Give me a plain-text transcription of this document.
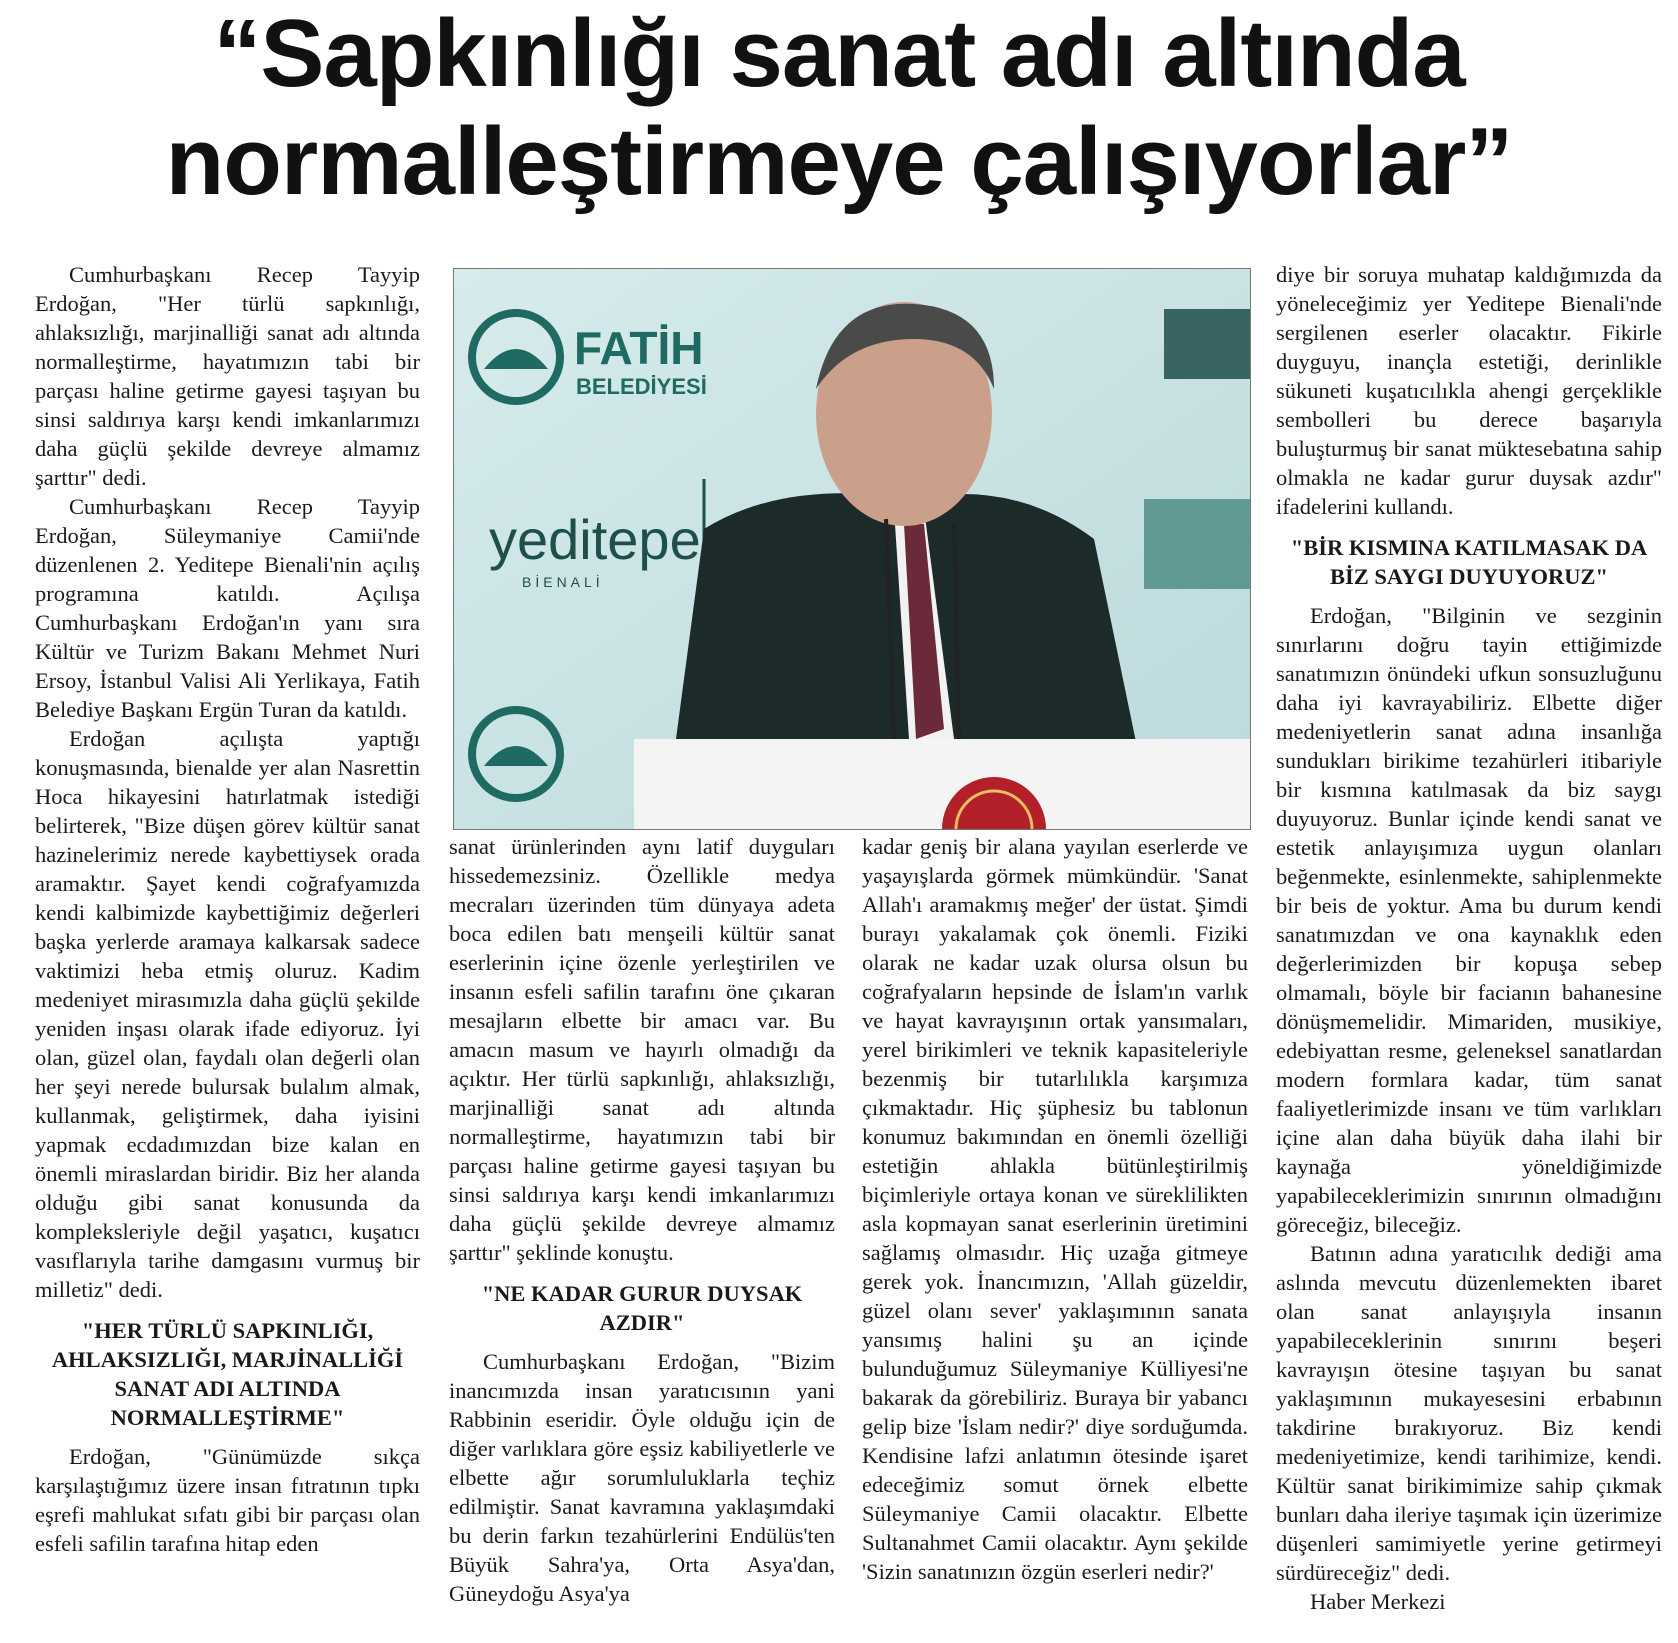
“Sapkınlığı sanat adı altında
normalleştirmeye çalışıyorlar”

Cumhurbaşkanı Recep Tayyip Erdoğan, "Her türlü sapkınlığı, ahlaksızlığı, marjinalliği sanat adı altında normalleştirme, hayatımızın tabi bir parçası haline getirme gayesi taşıyan bu sinsi saldırıya karşı kendi imkanlarımızı daha güçlü şekilde devreye almamız şarttır" dedi.

Cumhurbaşkanı Recep Tayyip Erdoğan, Süleymaniye Camii'nde düzenlenen 2. Yeditepe Bienali'nin açılış programına katıldı. Açılışa Cumhurbaşkanı Erdoğan'ın yanı sıra Kültür ve Turizm Bakanı Mehmet Nuri Ersoy, İstanbul Valisi Ali Yerlikaya, Fatih Belediye Başkanı Ergün Turan da katıldı.

Erdoğan açılışta yaptığı konuşmasında, bienalde yer alan Nasrettin Hoca hikayesini hatırlatmak istediği belirterek, "Bize düşen görev kültür sanat hazinelerimiz nerede kaybettiysek orada aramaktır. Şayet kendi coğrafyamızda kendi kalbimizde kaybettiğimiz değerleri başka yerlerde aramaya kalkarsak sadece vaktimizi heba etmiş oluruz. Kadim medeniyet mirasımızla daha güçlü şekilde yeniden inşası olarak ifade ediyoruz. İyi olan, güzel olan, faydalı olan değerli olan her şeyi nerede bulursak bulalım almak, kullanmak, geliştirmek, daha iyisini yapmak ecdadımızdan bize kalan en önemli miraslardan biridir. Biz her alanda olduğu gibi sanat konusunda da kompleksleriyle değil yaşatıcı, kuşatıcı vasıflarıyla tarihe damgasını vurmuş bir milletiz" dedi.

"HER TÜRLÜ SAPKINLIĞI, AHLAKSIZLIĞI, MARJİNALLİĞİ SANAT ADI ALTINDA NORMALLEŞTİRME"

Erdoğan, "Günümüzde sıkça karşılaştığımız üzere insan fıtratının tıpkı eşrefi mahlukat sıfatı gibi bir parçası olan esfeli safilin tarafına hitap eden

FATİH
BELEDİYESİ
yeditepe
BİENALİ

sanat ürünlerinden aynı latif duyguları hissedemezsiniz. Özellikle medya mecraları üzerinden tüm dünyaya adeta boca edilen batı menşeili kültür sanat eserlerinin içine özenle yerleştirilen ve insanın esfeli safilin tarafını öne çıkaran mesajların elbette bir amacı var. Bu amacın masum ve hayırlı olmadığı da açıktır. Her türlü sapkınlığı, ahlaksızlığı, marjinalliği sanat adı altında normalleştirme, hayatımızın tabi bir parçası haline getirme gayesi taşıyan bu sinsi saldırıya karşı kendi imkanlarımızı daha güçlü şekilde devreye almamız şarttır" şeklinde konuştu.

"NE KADAR GURUR DUYSAK AZDIR"

Cumhurbaşkanı Erdoğan, "Bizim inancımızda insan yaratıcısının yani Rabbinin eseridir. Öyle olduğu için de diğer varlıklara göre eşsiz kabiliyetlerle ve elbette ağır sorumluluklarla teçhiz edilmiştir. Sanat kavramına yaklaşımdaki bu derin farkın tezahürlerini Endülüs'ten Büyük Sahra'ya, Orta Asya'dan, Güneydoğu Asya'ya

kadar geniş bir alana yayılan eserlerde ve yaşayışlarda görmek mümkündür. 'Sanat Allah'ı aramakmış meğer' der üstat. Şimdi burayı yakalamak çok önemli. Fiziki olarak ne kadar uzak olursa olsun bu coğrafyaların hepsinde de İslam'ın varlık ve hayat kavrayışının ortak yansımaları, yerel birikimleri ve teknik kapasiteleriyle bezenmiş bir tutarlılıkla karşımıza çıkmaktadır. Hiç şüphesiz bu tablonun konumuz bakımından en önemli özelliği estetiğin ahlakla bütünleştirilmiş biçimleriyle ortaya konan ve süreklilikten asla kopmayan sanat eserlerinin üretimini sağlamış olmasıdır. Hiç uzağa gitmeye gerek yok. İnancımızın, 'Allah güzeldir, güzel olanı sever' yaklaşımının sanata yansımış halini şu an içinde bulunduğumuz Süleymaniye Külliyesi'ne bakarak da görebiliriz. Buraya bir yabancı gelip bize 'İslam nedir?' diye sorduğumda. Kendisine lafzi anlatımın ötesinde işaret edeceğimiz somut örnek elbette Süleymaniye Camii olacaktır. Elbette Sultanahmet Camii olacaktır. Aynı şekilde 'Sizin sanatınızın özgün eserleri nedir?'

diye bir soruya muhatap kaldığımızda da yöneleceğimiz yer Yeditepe Bienali'nde sergilenen eserler olacaktır. Fikirle duyguyu, inançla estetiği, derinlikle sükuneti kuşatıcılıkla ahengi gerçeklikle sembolleri bu derece başarıyla buluşturmuş bir sanat müktesebatına sahip olmakla ne kadar gurur duysak azdır" ifadelerini kullandı.

"BİR KISMINA KATILMASAK DA BİZ SAYGI DUYUYORUZ"

Erdoğan, "Bilginin ve sezginin sınırlarını doğru tayin ettiğimizde sanatımızın önündeki ufkun sonsuzluğunu daha iyi kavrayabiliriz. Elbette diğer medeniyetlerin sanat adına insanlığa sundukları birikime tezahürleri itibariyle bir kısmına katılmasak da biz saygı duyuyoruz. Bunlar içinde kendi sanat ve estetik anlayışımıza uygun olanları beğenmekte, esinlenmekte, sahiplenmekte bir beis de yoktur. Ama bu durum kendi sanatımızdan ve ona kaynaklık eden değerlerimizden bir kopuşa sebep olmamalı, böyle bir facianın bahanesine dönüşmemelidir. Mimariden, musikiye, edebiyattan resme, geleneksel sanatlardan modern formlara kadar, tüm sanat faaliyetlerimizde insanı ve tüm varlıkları içine alan daha büyük daha ilahi bir kaynağa yöneldiğimizde yapabileceklerimizin sınırının olmadığını göreceğiz, bileceğiz.

Batının adına yaratıcılık dediği ama aslında mevcutu düzenlemekten ibaret olan sanat anlayışıyla insanın yapabileceklerinin sınırını beşeri kavrayışın ötesine taşıyan bu sanat yaklaşımının mukayesesini erbabının takdirine bırakıyoruz. Biz kendi medeniyetimize, kendi tarihimize, kendi. Kültür sanat birikimimize sahip çıkmak bunları daha ileriye taşımak için üzerimize düşenleri samimiyetle yerine getirmeyi sürdüreceğiz" dedi.

Haber Merkezi
